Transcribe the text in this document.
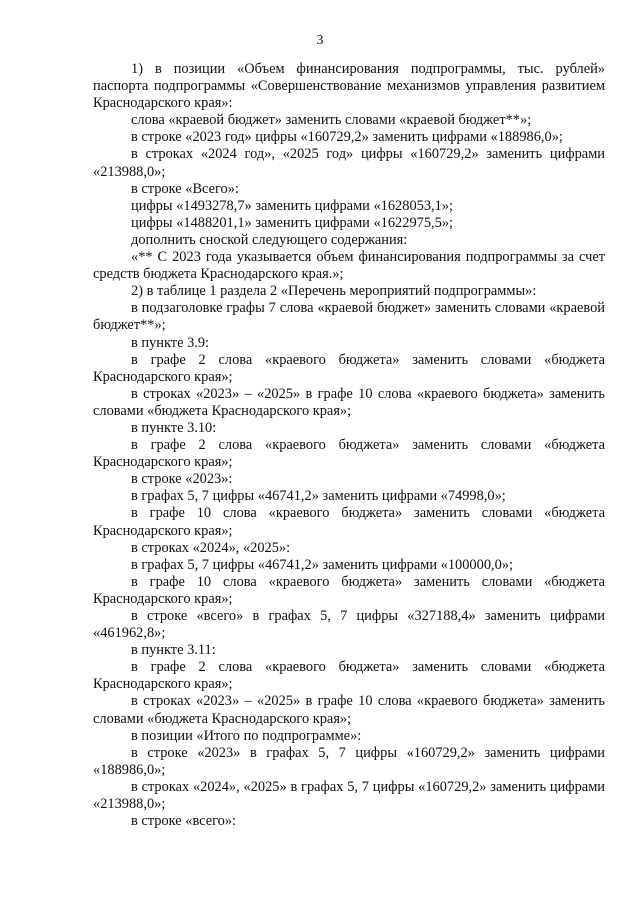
3

1) в позиции «Объем финансирования подпрограммы, тыс. рублей» паспорта подпрограммы «Совершенствование механизмов управления развитием Краснодарского края»:

слова «краевой бюджет» заменить словами «краевой бюджет**»;

в строке «2023 год» цифры «160729,2» заменить цифрами «188986,0»;

в строках «2024 год», «2025 год» цифры «160729,2» заменить цифрами «213988,0»;

в строке «Всего»:

цифры «1493278,7» заменить цифрами «1628053,1»;

цифры «1488201,1» заменить цифрами «1622975,5»;

дополнить сноской следующего содержания:

«** С 2023 года указывается объем финансирования подпрограммы за счет средств бюджета Краснодарского края.»;

2) в таблице 1 раздела 2 «Перечень мероприятий подпрограммы»:

в подзаголовке графы 7 слова «краевой бюджет» заменить словами «краевой бюджет**»;

в пункте 3.9:

в графе 2 слова «краевого бюджета» заменить словами «бюджета Краснодарского края»;

в строках «2023» – «2025» в графе 10 слова «краевого бюджета» заменить словами «бюджета Краснодарского края»;

в пункте 3.10:

в графе 2 слова «краевого бюджета» заменить словами «бюджета Краснодарского края»;

в строке «2023»:

в графах 5, 7 цифры «46741,2» заменить цифрами «74998,0»;

в графе 10 слова «краевого бюджета» заменить словами «бюджета Краснодарского края»;

в строках «2024», «2025»:

в графах 5, 7 цифры «46741,2» заменить цифрами «100000,0»;

в графе 10 слова «краевого бюджета» заменить словами «бюджета Краснодарского края»;

в строке «всего» в графах 5, 7 цифры «327188,4» заменить цифрами «461962,8»;

в пункте 3.11:

в графе 2 слова «краевого бюджета» заменить словами «бюджета Краснодарского края»;

в строках «2023» – «2025» в графе 10 слова «краевого бюджета» заменить словами «бюджета Краснодарского края»;

в позиции «Итого по подпрограмме»:

в строке «2023» в графах 5, 7 цифры «160729,2» заменить цифрами «188986,0»;

в строках «2024», «2025» в графах 5, 7 цифры «160729,2» заменить цифрами «213988,0»;

в строке «всего»:
